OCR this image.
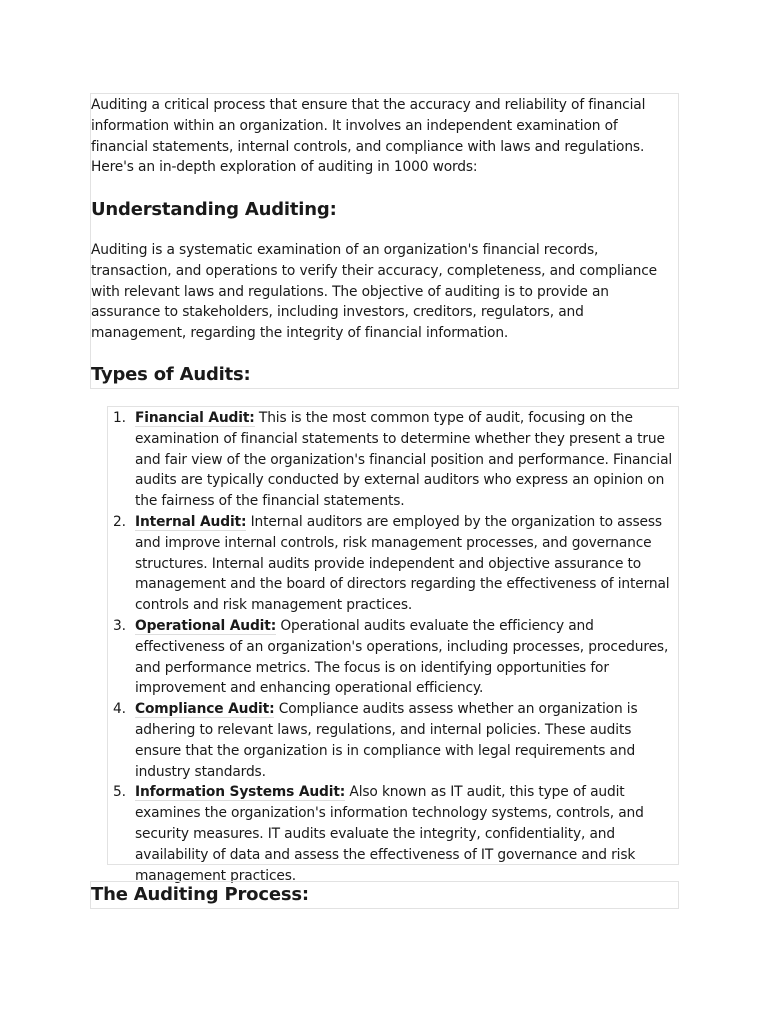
Auditing a critical process that ensure that the accuracy and reliability of financial information within an organization. It involves an independent examination of financial statements, internal controls, and compliance with laws and regulations. Here's an in-depth exploration of auditing in 1000 words:

Understanding Auditing:

Auditing is a systematic examination of an organization's financial records, transaction, and operations to verify their accuracy, completeness, and compliance with relevant laws and regulations. The objective of auditing is to provide an assurance to stakeholders, including investors, creditors, regulators, and management, regarding the integrity of financial information.

Types of Audits:
1. Financial Audit: This is the most common type of audit, focusing on the examination of financial statements to determine whether they present a true and fair view of the organization's financial position and performance. Financial audits are typically conducted by external auditors who express an opinion on the fairness of the financial statements.
2. Internal Audit: Internal auditors are employed by the organization to assess and improve internal controls, risk management processes, and governance structures. Internal audits provide independent and objective assurance to management and the board of directors regarding the effectiveness of internal controls and risk management practices.
3. Operational Audit: Operational audits evaluate the efficiency and effectiveness of an organization's operations, including processes, procedures, and performance metrics. The focus is on identifying opportunities for improvement and enhancing operational efficiency.
4. Compliance Audit: Compliance audits assess whether an organization is adhering to relevant laws, regulations, and internal policies. These audits ensure that the organization is in compliance with legal requirements and industry standards.
5. Information Systems Audit: Also known as IT audit, this type of audit examines the organization's information technology systems, controls, and security measures. IT audits evaluate the integrity, confidentiality, and availability of data and assess the effectiveness of IT governance and risk management practices.
The Auditing Process:
